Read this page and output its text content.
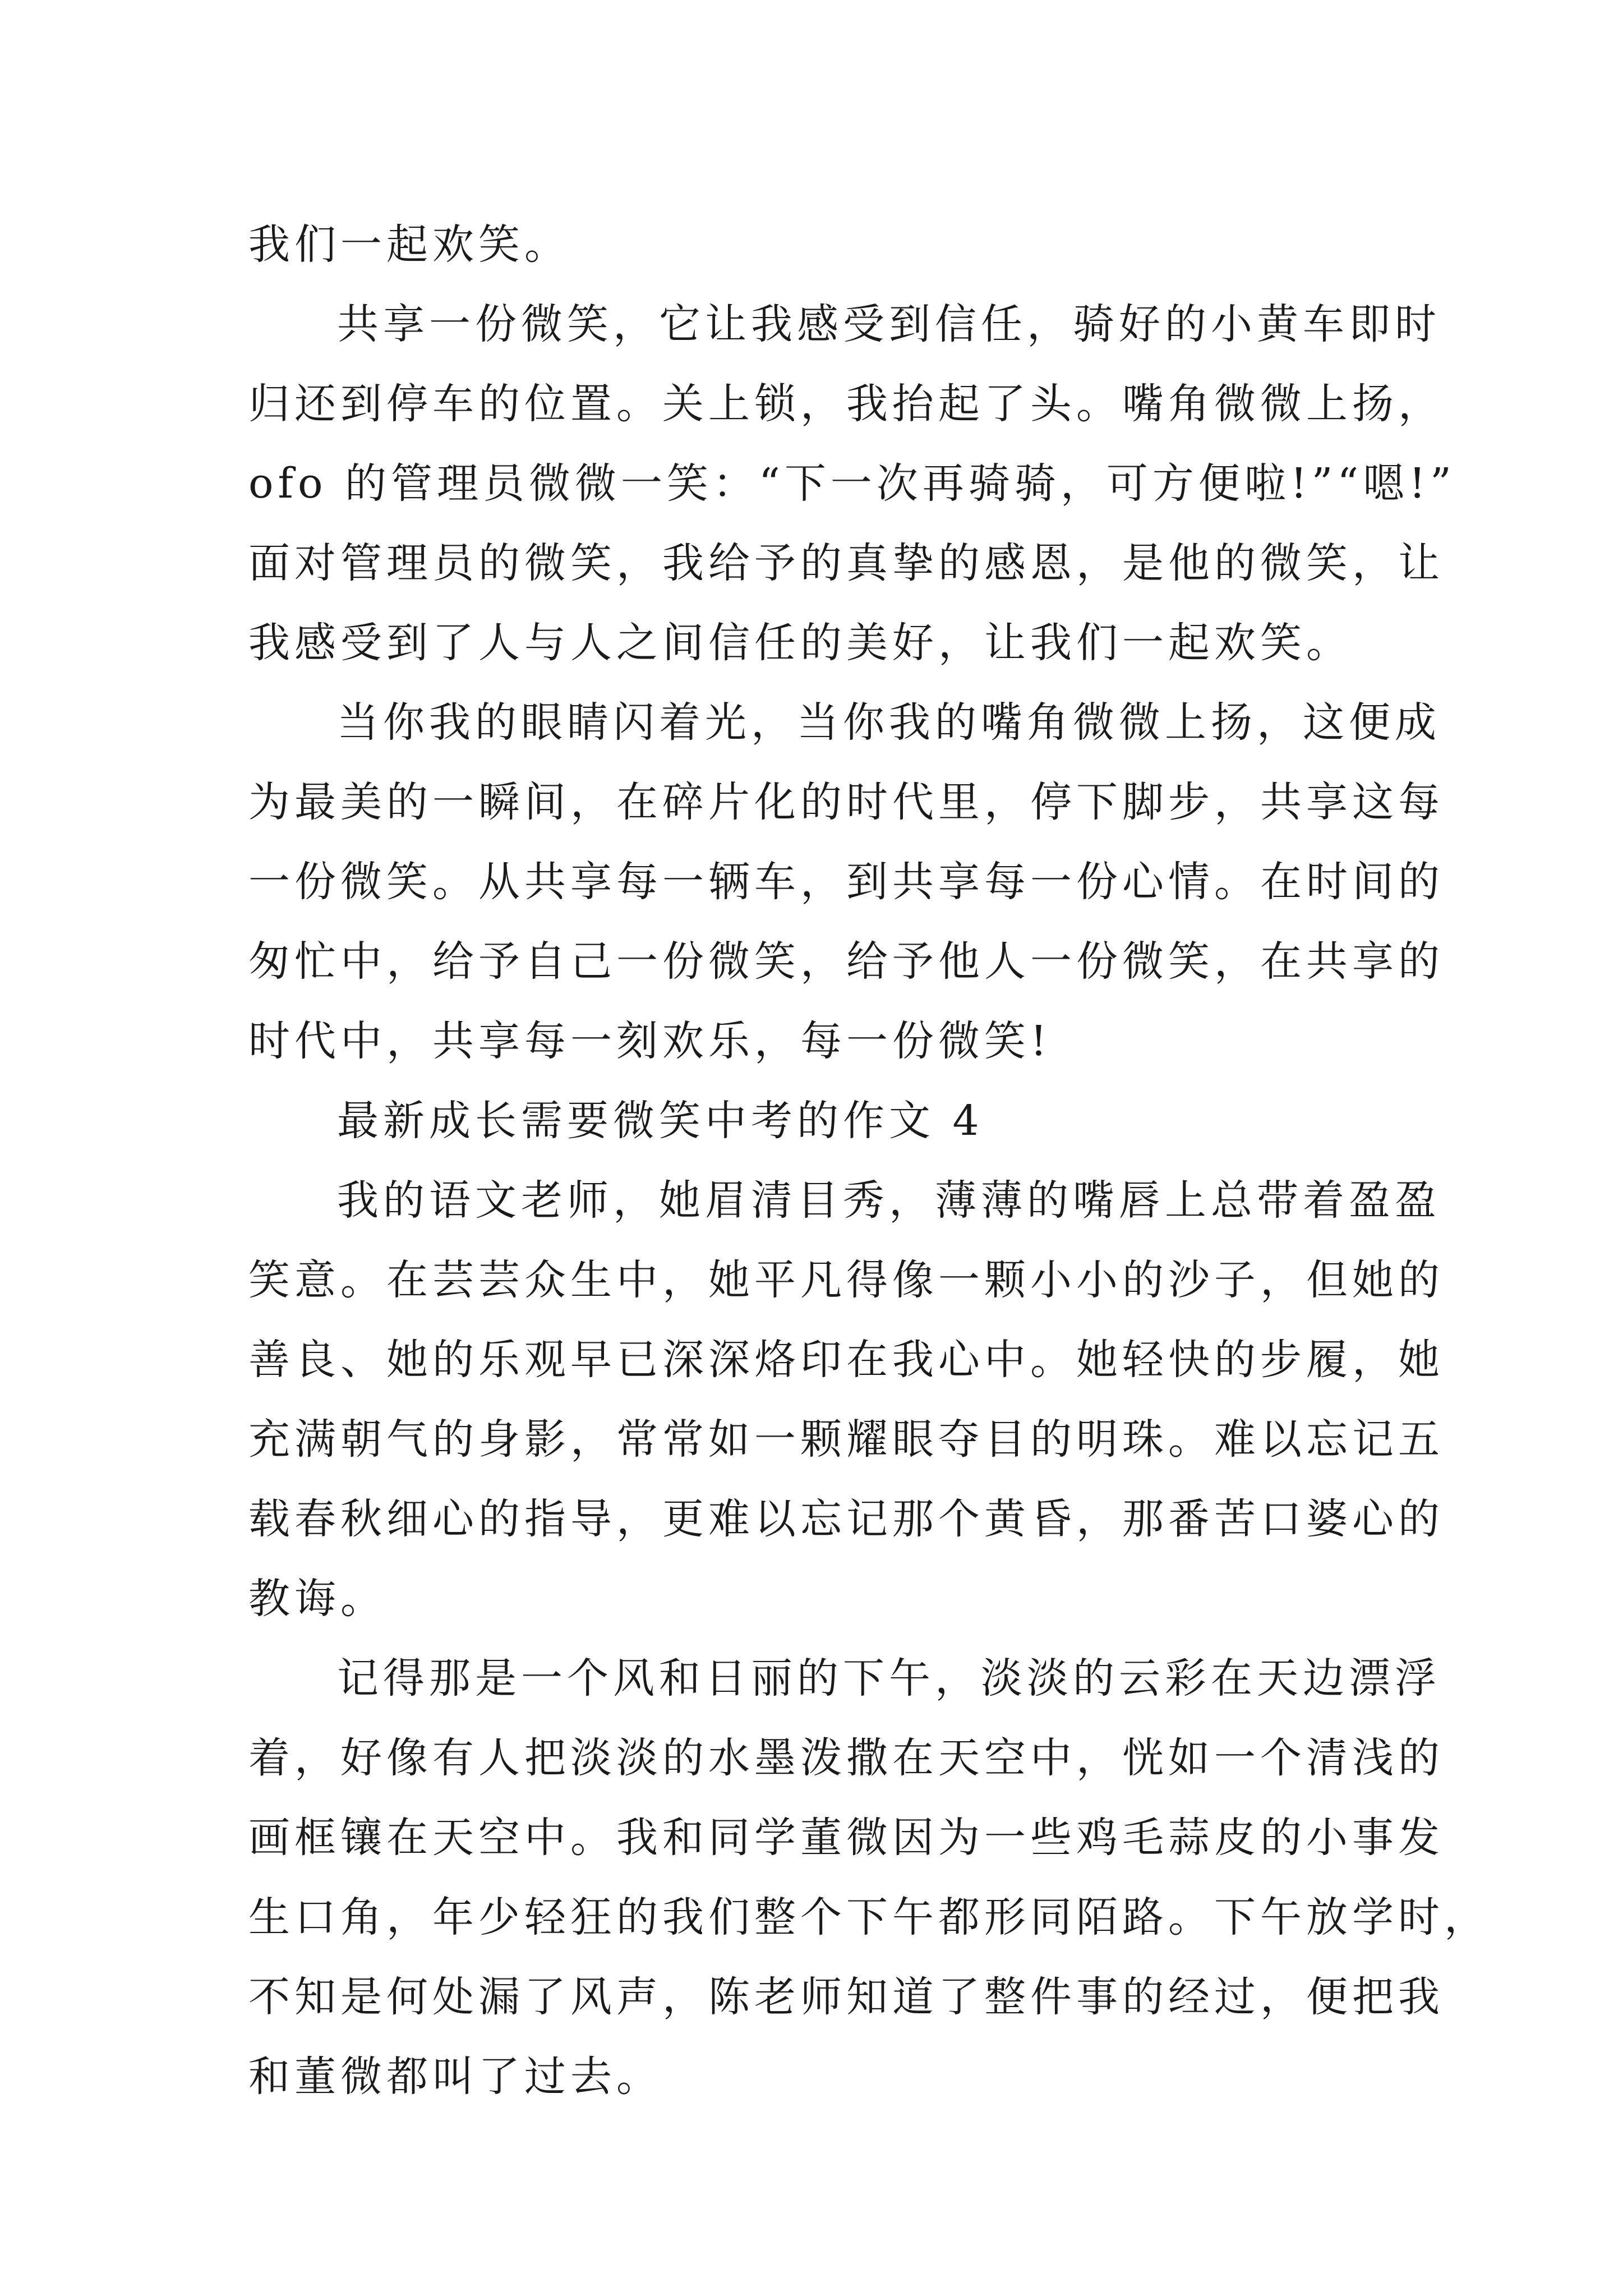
我们一起欢笑。
共享一份微笑，它让我感受到信任，骑好的小黄车即时
归还到停车的位置。关上锁，我抬起了头。嘴角微微上扬，
ofo 的管理员微微一笑：“下一次再骑骑，可方便啦!”“嗯!”
面对管理员的微笑，我给予的真挚的感恩，是他的微笑，让
我感受到了人与人之间信任的美好，让我们一起欢笑。
当你我的眼睛闪着光，当你我的嘴角微微上扬，这便成
为最美的一瞬间，在碎片化的时代里，停下脚步，共享这每
一份微笑。从共享每一辆车，到共享每一份心情。在时间的
匆忙中，给予自己一份微笑，给予他人一份微笑，在共享的
时代中，共享每一刻欢乐，每一份微笑!
最新成长需要微笑中考的作文 4
我的语文老师，她眉清目秀，薄薄的嘴唇上总带着盈盈
笑意。在芸芸众生中，她平凡得像一颗小小的沙子，但她的
善良、她的乐观早已深深烙印在我心中。她轻快的步履，她
充满朝气的身影，常常如一颗耀眼夺目的明珠。难以忘记五
载春秋细心的指导，更难以忘记那个黄昏，那番苦口婆心的
教诲。
记得那是一个风和日丽的下午，淡淡的云彩在天边漂浮
着，好像有人把淡淡的水墨泼撒在天空中，恍如一个清浅的
画框镶在天空中。我和同学董微因为一些鸡毛蒜皮的小事发
生口角，年少轻狂的我们整个下午都形同陌路。下午放学时，
不知是何处漏了风声，陈老师知道了整件事的经过，便把我
和董微都叫了过去。
